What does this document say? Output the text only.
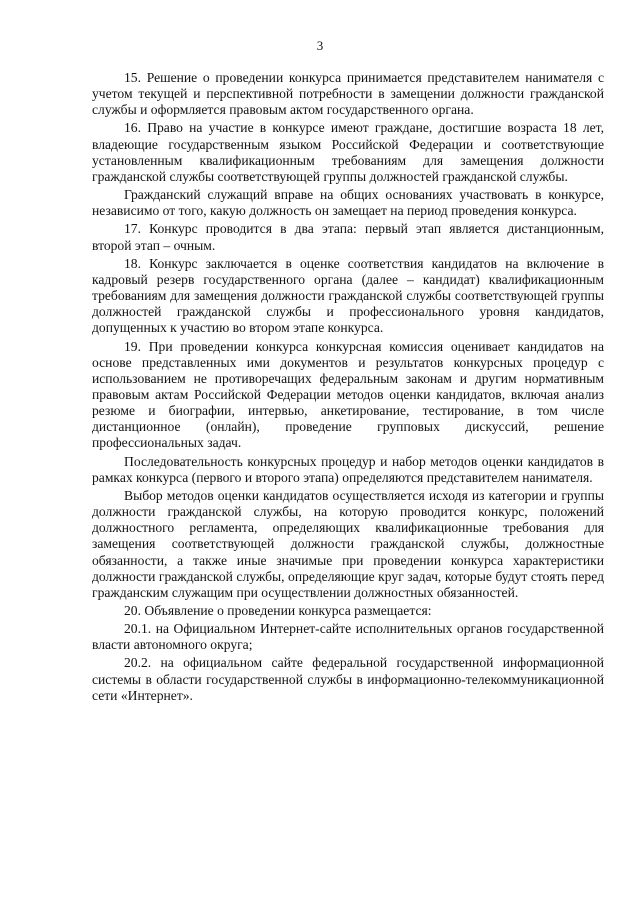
3

15. Решение о проведении конкурса принимается представителем нанимателя с учетом текущей и перспективной потребности в замещении должности гражданской службы и оформляется правовым актом государственного органа.

16. Право на участие в конкурсе имеют граждане, достигшие возраста 18 лет, владеющие государственным языком Российской Федерации и соответствующие установленным квалификационным требованиям для замещения должности гражданской службы соответствующей группы должностей гражданской службы.

Гражданский служащий вправе на общих основаниях участвовать в конкурсе, независимо от того, какую должность он замещает на период проведения конкурса.

17. Конкурс проводится в два этапа: первый этап является дистанционным, второй этап – очным.

18. Конкурс заключается в оценке соответствия кандидатов на включение в кадровый резерв государственного органа (далее – кандидат) квалификационным требованиям для замещения должности гражданской службы соответствующей группы должностей гражданской службы и профессионального уровня кандидатов, допущенных к участию во втором этапе конкурса.

19. При проведении конкурса конкурсная комиссия оценивает кандидатов на основе представленных ими документов и результатов конкурсных процедур с использованием не противоречащих федеральным законам и другим нормативным правовым актам Российской Федерации методов оценки кандидатов, включая анализ резюме и биографии, интервью, анкетирование, тестирование, в том числе дистанционное (онлайн), проведение групповых дискуссий, решение профессиональных задач.

Последовательность конкурсных процедур и набор методов оценки кандидатов в рамках конкурса (первого и второго этапа) определяются представителем нанимателя.

Выбор методов оценки кандидатов осуществляется исходя из категории и группы должности гражданской службы, на которую проводится конкурс, положений должностного регламента, определяющих квалификационные требования для замещения соответствующей должности гражданской службы, должностные обязанности, а также иные значимые при проведении конкурса характеристики должности гражданской службы, определяющие круг задач, которые будут стоять перед гражданским служащим при осуществлении должностных обязанностей.

20. Объявление о проведении конкурса размещается:

20.1. на Официальном Интернет-сайте исполнительных органов государственной власти автономного округа;

20.2. на официальном сайте федеральной государственной информационной системы в области государственной службы в информационно-телекоммуникационной сети «Интернет».
